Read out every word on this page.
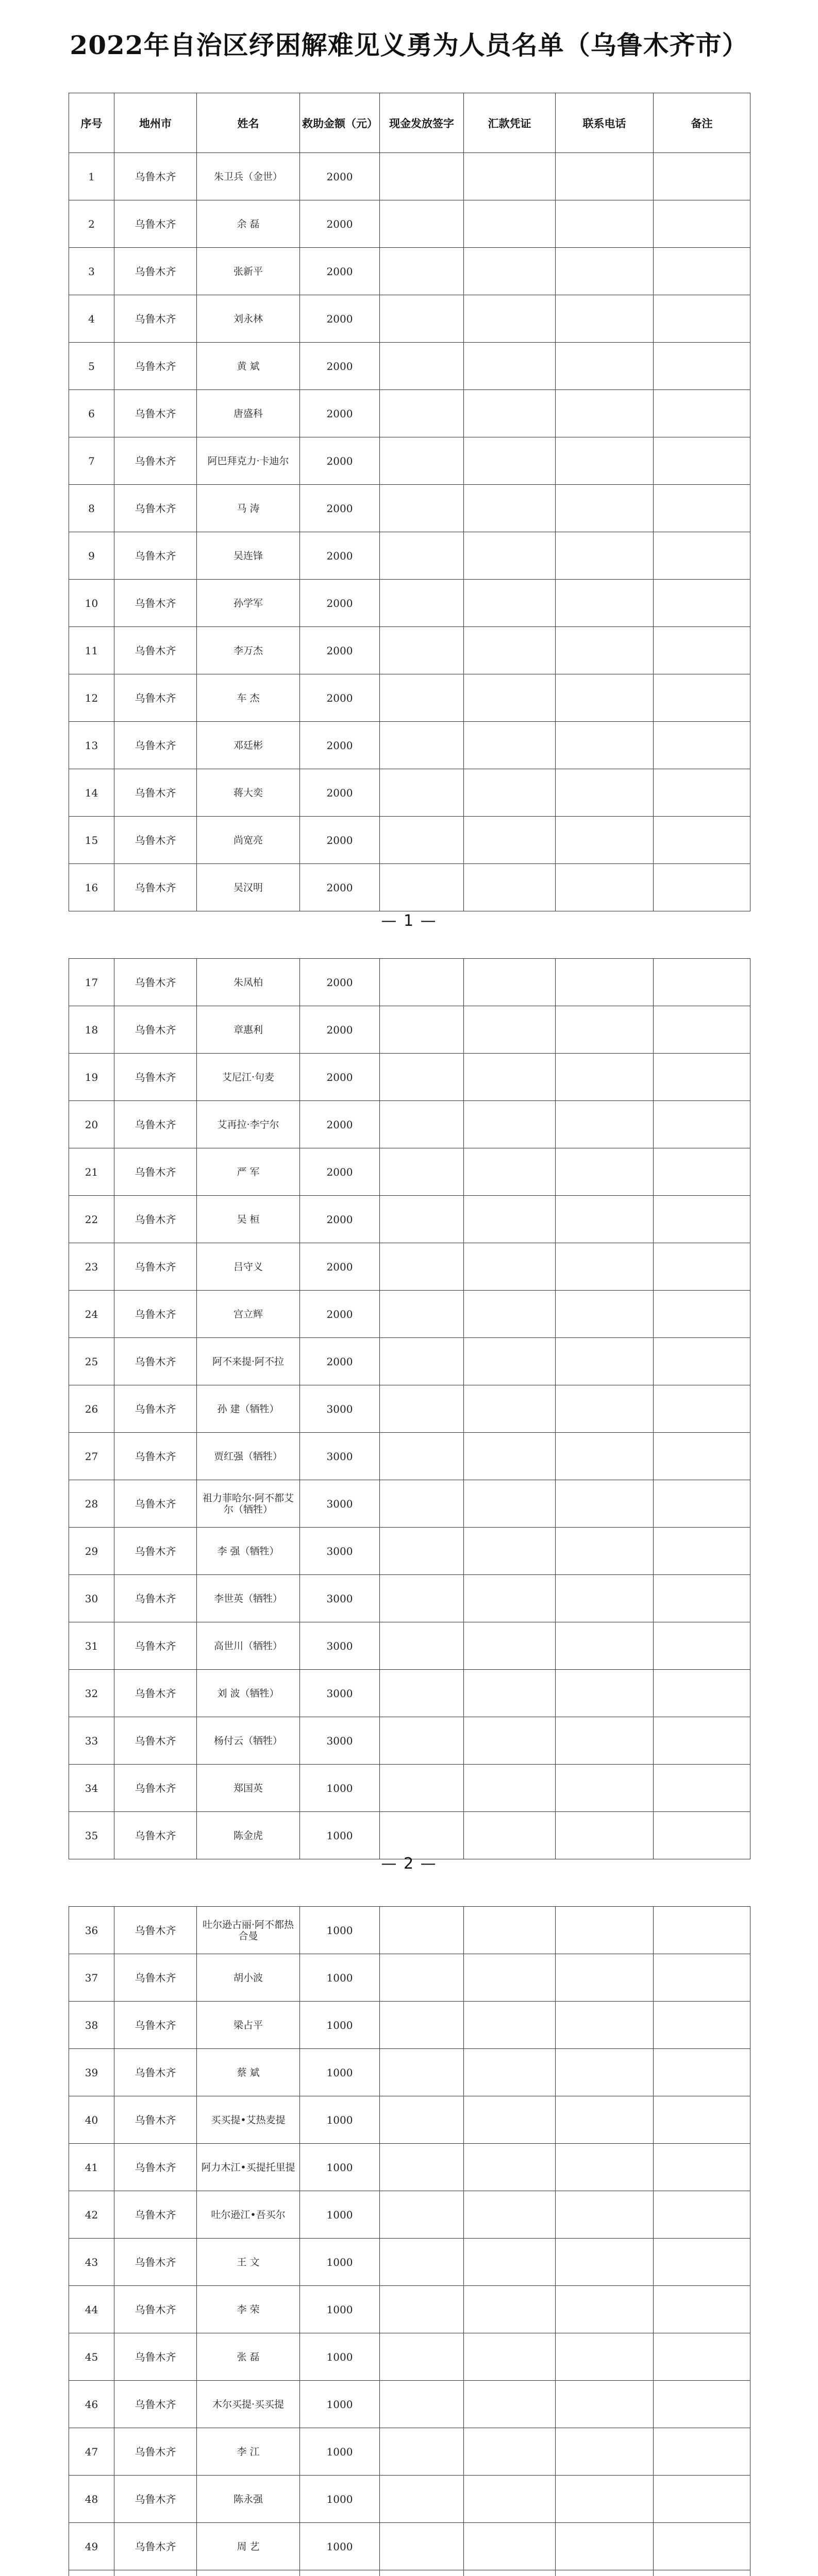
2022年自治区纾困解难见义勇为人员名单（乌鲁木齐市）
序号	地州市	姓名	救助金额（元）	现金发放签字	汇款凭证	联系电话	备注
1	乌鲁木齐	朱卫兵（金世）	2000				
2	乌鲁木齐	余 磊	2000				
3	乌鲁木齐	张新平	2000				
4	乌鲁木齐	刘永林	2000				
5	乌鲁木齐	黄 斌	2000				
6	乌鲁木齐	唐盛科	2000				
7	乌鲁木齐	阿巴拜克力·卡迪尔	2000				
8	乌鲁木齐	马 涛	2000				
9	乌鲁木齐	吴连锋	2000				
10	乌鲁木齐	孙学军	2000				
11	乌鲁木齐	李万杰	2000				
12	乌鲁木齐	车 杰	2000				
13	乌鲁木齐	邓廷彬	2000				
14	乌鲁木齐	蒋大奕	2000				
15	乌鲁木齐	尚宽亮	2000				
16	乌鲁木齐	吴汉明	2000				
— 1 —
17	乌鲁木齐	朱凤柏	2000				
18	乌鲁木齐	章惠利	2000				
19	乌鲁木齐	艾尼江·句麦	2000				
20	乌鲁木齐	艾再拉·李宁尔	2000				
21	乌鲁木齐	严 军	2000				
22	乌鲁木齐	吴 桓	2000				
23	乌鲁木齐	吕守义	2000				
24	乌鲁木齐	宫立辉	2000				
25	乌鲁木齐	阿不来提·阿不拉	2000				
26	乌鲁木齐	孙 建（牺牲）	3000				
27	乌鲁木齐	贾红强（牺牲）	3000				
28	乌鲁木齐	祖力菲哈尔·阿不都艾尔（牺牲）	3000				
29	乌鲁木齐	李 强（牺牲）	3000				
30	乌鲁木齐	李世英（牺牲）	3000				
31	乌鲁木齐	高世川（牺牲）	3000				
32	乌鲁木齐	刘 波（牺牲）	3000				
33	乌鲁木齐	杨付云（牺牲）	3000				
34	乌鲁木齐	郑国英	1000				
35	乌鲁木齐	陈金虎	1000				
— 2 —
36	乌鲁木齐	吐尔逊古丽·阿不都热合曼	1000				
37	乌鲁木齐	胡小波	1000				
38	乌鲁木齐	梁占平	1000				
39	乌鲁木齐	蔡 斌	1000				
40	乌鲁木齐	买买提•艾热麦提	1000				
41	乌鲁木齐	阿力木江•买提托里提	1000				
42	乌鲁木齐	吐尔逊江•吾买尔	1000				
43	乌鲁木齐	王 文	1000				
44	乌鲁木齐	李 荣	1000				
45	乌鲁木齐	张 磊	1000				
46	乌鲁木齐	木尔买提·买买提	1000				
47	乌鲁木齐	李 江	1000				
48	乌鲁木齐	陈永强	1000				
49	乌鲁木齐	周 艺	1000				
